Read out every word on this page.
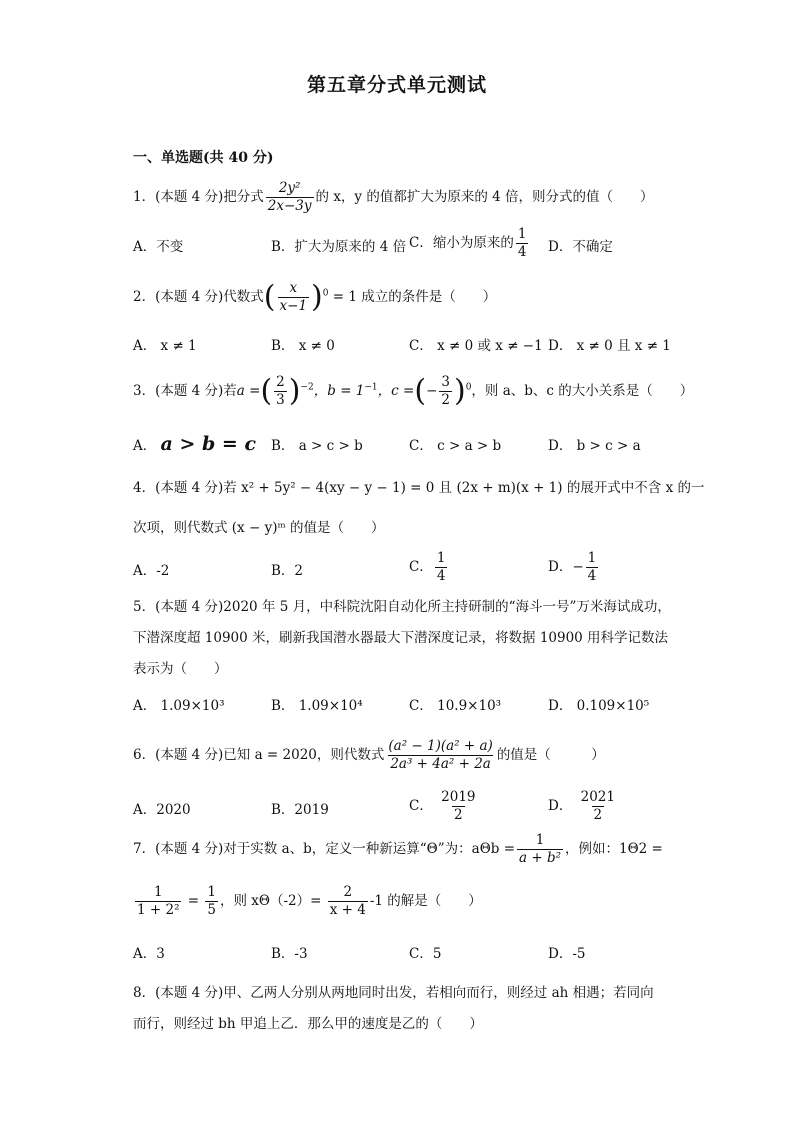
第五章分式单元测试
一、单选题(共 40 分)
1．(本题 4 分)把分式 $\frac{\text{2y²}}{2x-3y}$ 的 x，y 的值都扩大为原来的 4 倍，则分式的值（　　）
A．不变	B．扩大为原来的 4 倍 C．缩小为原来的 $\frac{1}{4}$ D．不确定
2．(本题 4 分)代数式( $\frac{x}{x-1} )^0 = 1$ 成立的条件是（　　）
A． x ≠ 1	B． x ≠ 0	C． x ≠ 0 或 x ≠ −1 D． x ≠ 0 且 x ≠ 1
3．(本题 4 分)若a =( $\frac{2}{3} )^{-2}$，$b = 1^{-1}$，c =(− $\frac{3}{2} )^0$，则 a、b、c 的大小关系是（　　）
A． a > b = c B． a > c > b	C． c > a > b	D． b > c > a
4．(本题 4 分)若 x² + 5y² − 4(xy − y − 1) = 0 且 (2x + m)(x + 1) 的展开式中不含 x 的一
次项，则代数式 (x − y)ᵐ 的值是（　　）
A．-2	B．2	C． $\frac{1}{4}$	D．− $\frac{1}{4}$
5．(本题 4 分)2020 年 5 月，中科院沈阳自动化所主持研制的“海斗一号”万米海试成功，
下潜深度超 10900 米，刷新我国潜水器最大下潜深度记录，将数据 10900 用科学记数法
表示为（　　）
A． 1.09×10³	B． 1.09×10⁴	C． 10.9×10³	D． 0.109×10⁵
6．(本题 4 分)已知 a = 2020，则代数式 $\frac{\text{(a² − 1)(a² + a)}}{\text{2a³ + 4a² + 2a}}$ 的值是（　　　）
A．2020	B．2019	C． $\frac{2019}{2}$	D． $\frac{2021}{2}$
7．(本题 4 分)对于实数 a、b，定义一种新运算“Θ”为：$a\Theta b = \frac{1}{\text{a + b²}}$ ，例如：1Θ2 =
$\frac{1}{\text{1 + 2²}} = \frac{1}{5}$ ，则 $x\Theta(-2)= \frac{2}{x + 4} -1$ 的解是（　　）
A．3	B．-3	C．5	D．-5
8．(本题 4 分)甲、乙两人分别从两地同时出发，若相向而行，则经过 ah 相遇；若同向
而行，则经过 bh 甲追上乙．那么甲的速度是乙的（　　）
